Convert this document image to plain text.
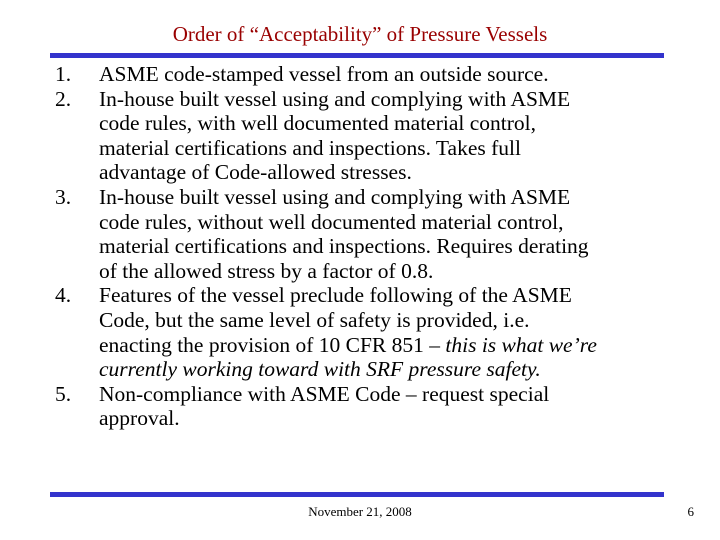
Order of “Acceptability” of Pressure Vessels
1. ASME code-stamped vessel from an outside source.
2. In-house built vessel using and complying with ASME
code rules, with well documented material control,
material certifications and inspections. Takes full
advantage of Code-allowed stresses.
3. In-house built vessel using and complying with ASME
code rules, without well documented material control,
material certifications and inspections. Requires derating
of the allowed stress by a factor of 0.8.
4. Features of the vessel preclude following of the ASME
Code, but the same level of safety is provided, i.e.
enacting the provision of 10 CFR 851 – this is what we’re
currently working toward with SRF pressure safety.
5. Non-compliance with ASME Code – request special
approval.
November 21, 2008	6
